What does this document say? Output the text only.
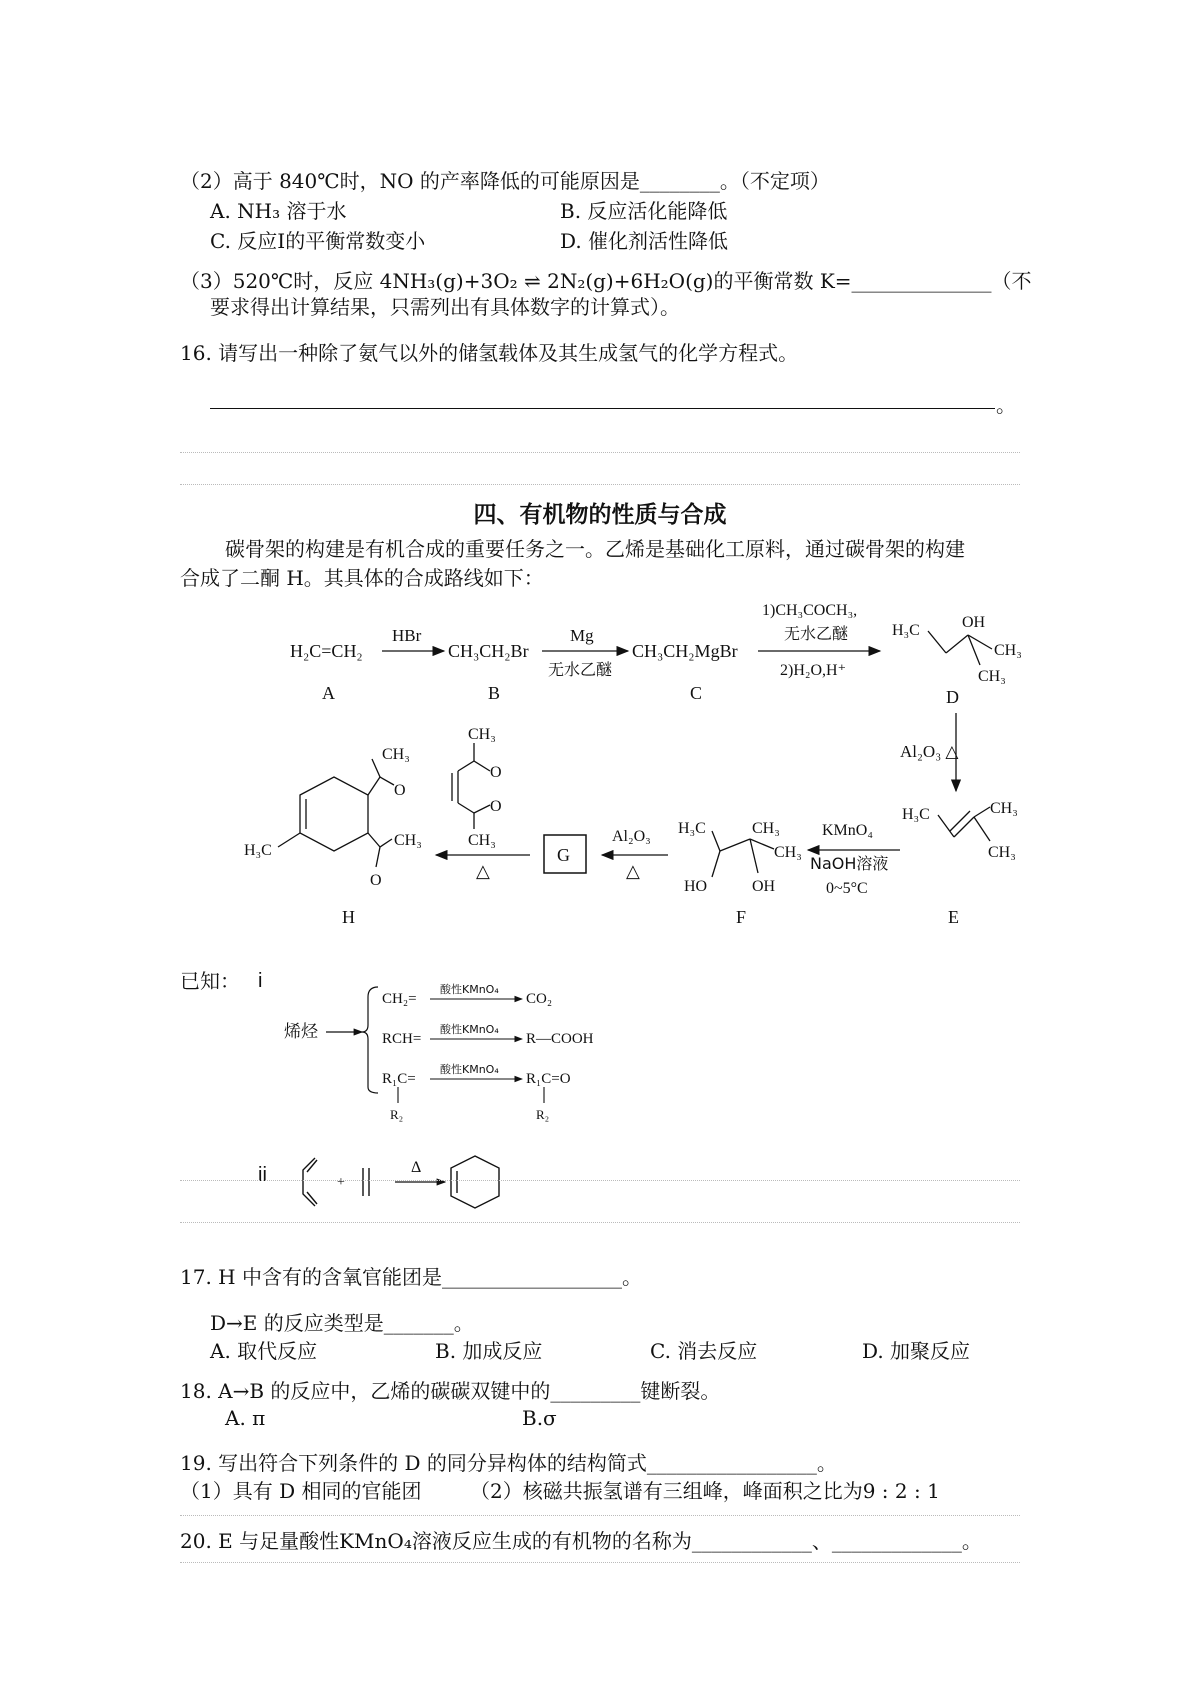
（2）高于 840℃时，NO 的产率降低的可能原因是________。（不定项）
A. NH₃ 溶于水	B. 反应活化能降低
C. 反应Ⅰ的平衡常数变小	D. 催化剂活性降低
（3）520℃时，反应 4NH₃(g)+3O₂ ⇌ 2N₂(g)+6H₂O(g)的平衡常数 K=______________（不
要求得出计算结果，只需列出有具体数字的计算式）。
16. 请写出一种除了氨气以外的储氢载体及其生成氢气的化学方程式。
。
四、有机物的性质与合成
碳骨架的构建是有机合成的重要任务之一。乙烯是基础化工原料，通过碳骨架的构建
合成了二酮 H。其具体的合成路线如下：
H₂C=CH₂
HBr
CH₃CH₂Br
Mg
无水乙醚
CH₃CH₂MgBr
1)CH₃COCH₃,
无水乙醚
2)H₂O,H⁺
H₃C	OH
CH₃
CH₃
A	B	C	D
Al₂O₃ △
H₃C	CH₃
CH₃
E
KMnO₄
NaOH溶液
0~5°C
H₃C	CH₃
CH₃
HO	OH
F
Al₂O₃
△
G
△
CH₃
O
O
CH₃
H₃C
CH₃
O
CH₃
O
H
已知： i
烯烃
CH₂=
酸性KMnO₄
CO₂
RCH=
酸性KMnO₄
R—COOH
R₁C=
酸性KMnO₄
R₁C=O
R₂	R₂
ii	+
Δ
17. H 中含有的含氧官能团是__________________。
D→E 的反应类型是_______。
A. 取代反应	B. 加成反应	C. 消去反应	D. 加聚反应
18. A→B 的反应中，乙烯的碳碳双键中的_________键断裂。
A. π	B.σ
19. 写出符合下列条件的 D 的同分异构体的结构简式_________________。
（1）具有 D 相同的官能团 （2）核磁共振氢谱有三组峰，峰面积之比为9 : 2 : 1
20. E 与足量酸性KMnO₄溶液反应生成的有机物的名称为____________、_____________。
